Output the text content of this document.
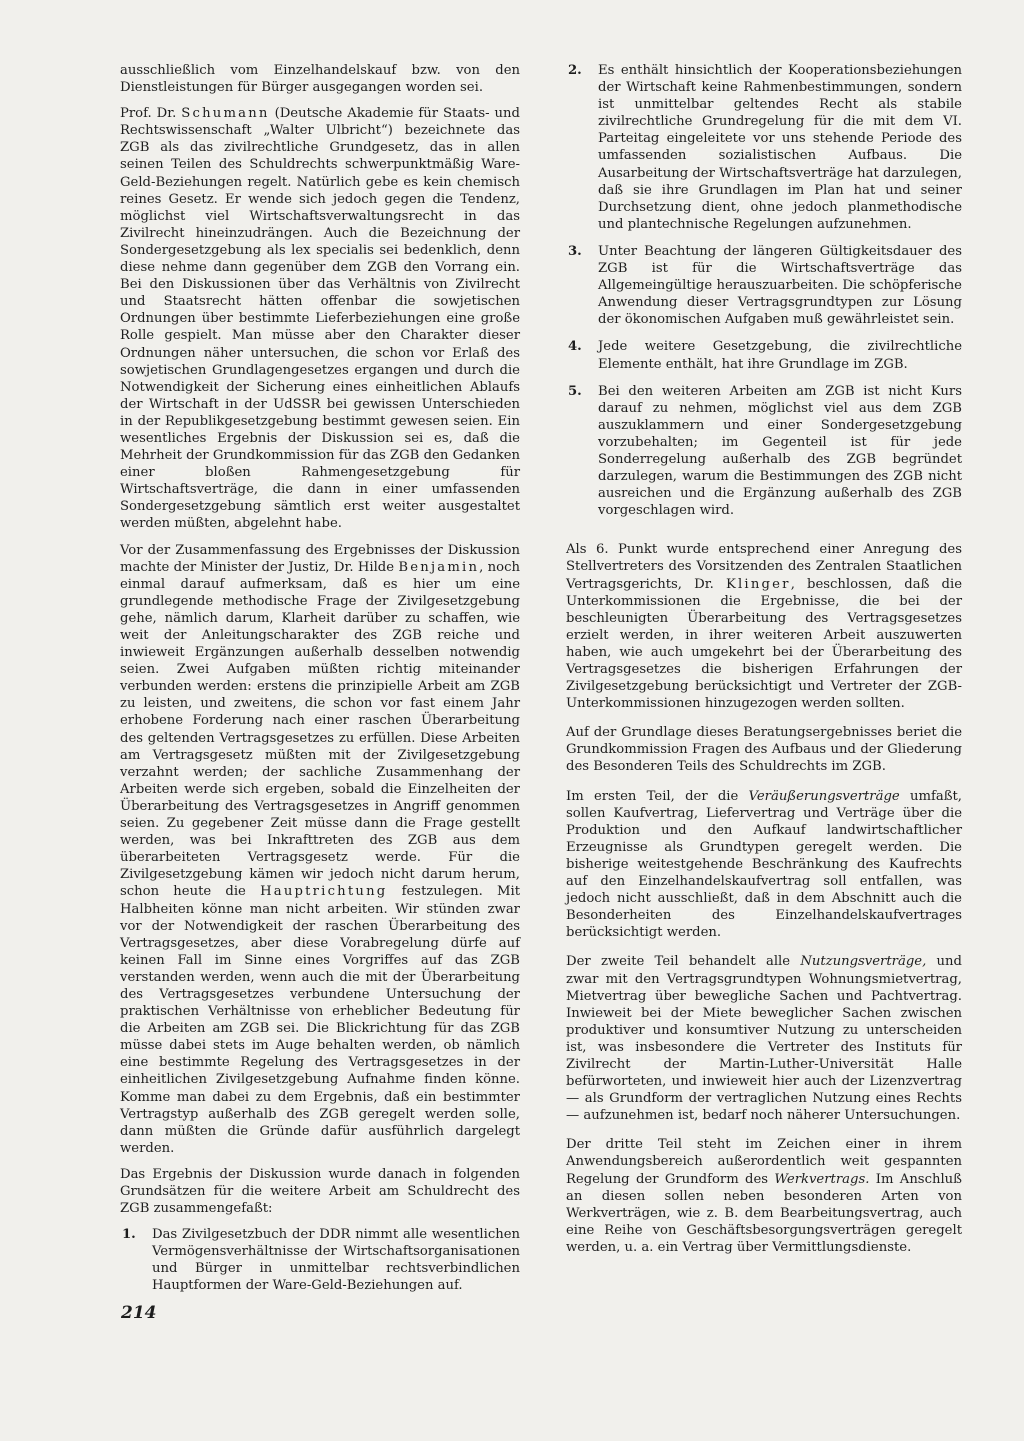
ausschließlich vom Einzelhandelskauf bzw. von den Dienstleistungen für Bürger ausgegangen worden sei.

Prof. Dr. Schumann (Deutsche Akademie für Staats- und Rechtswissenschaft „Walter Ulbricht“) bezeichnete das ZGB als das zivilrechtliche Grundgesetz, das in allen seinen Teilen des Schuldrechts schwerpunktmäßig Ware-Geld-Beziehungen regelt. Natürlich gebe es kein chemisch reines Gesetz. Er wende sich jedoch gegen die Tendenz, möglichst viel Wirtschaftsverwaltungsrecht in das Zivilrecht hineinzudrängen. Auch die Bezeichnung der Sondergesetzgebung als lex specialis sei bedenklich, denn diese nehme dann gegenüber dem ZGB den Vorrang ein. Bei den Diskussionen über das Verhältnis von Zivilrecht und Staatsrecht hätten offenbar die sowjetischen Ordnungen über bestimmte Lieferbeziehungen eine große Rolle gespielt. Man müsse aber den Charakter dieser Ordnungen näher untersuchen, die schon vor Erlaß des sowjetischen Grundlagengesetzes ergangen und durch die Notwendigkeit der Sicherung eines einheitlichen Ablaufs der Wirtschaft in der UdSSR bei gewissen Unterschieden in der Republikgesetzgebung bestimmt gewesen seien. Ein wesentliches Ergebnis der Diskussion sei es, daß die Mehrheit der Grundkommission für das ZGB den Gedanken einer bloßen Rahmengesetzgebung für Wirtschaftsverträge, die dann in einer umfassenden Sondergesetzgebung sämtlich erst weiter ausgestaltet werden müßten, abgelehnt habe.

Vor der Zusammenfassung des Ergebnisses der Diskussion machte der Minister der Justiz, Dr. Hilde Benjamin, noch einmal darauf aufmerksam, daß es hier um eine grundlegende methodische Frage der Zivilgesetzgebung gehe, nämlich darum, Klarheit darüber zu schaffen, wie weit der Anleitungscharakter des ZGB reiche und inwieweit Ergänzungen außerhalb desselben notwendig seien. Zwei Aufgaben müßten richtig miteinander verbunden werden: erstens die prinzipielle Arbeit am ZGB zu leisten, und zweitens, die schon vor fast einem Jahr erhobene Forderung nach einer raschen Überarbeitung des geltenden Vertragsgesetzes zu erfüllen. Diese Arbeiten am Vertragsgesetz müßten mit der Zivilgesetzgebung verzahnt werden; der sachliche Zusammenhang der Arbeiten werde sich ergeben, sobald die Einzelheiten der Überarbeitung des Vertragsgesetzes in Angriff genommen seien. Zu gegebener Zeit müsse dann die Frage gestellt werden, was bei Inkrafttreten des ZGB aus dem überarbeiteten Vertragsgesetz werde. Für die Zivilgesetzgebung kämen wir jedoch nicht darum herum, schon heute die Hauptrichtung festzulegen. Mit Halbheiten könne man nicht arbeiten. Wir stünden zwar vor der Notwendigkeit der raschen Überarbeitung des Vertragsgesetzes, aber diese Vorabregelung dürfe auf keinen Fall im Sinne eines Vorgriffes auf das ZGB verstanden werden, wenn auch die mit der Überarbeitung des Vertragsgesetzes verbundene Untersuchung der praktischen Verhältnisse von erheblicher Bedeutung für die Arbeiten am ZGB sei. Die Blickrichtung für das ZGB müsse dabei stets im Auge behalten werden, ob nämlich eine bestimmte Regelung des Vertragsgesetzes in der einheitlichen Zivilgesetzgebung Aufnahme finden könne. Komme man dabei zu dem Ergebnis, daß ein bestimmter Vertragstyp außerhalb des ZGB geregelt werden solle, dann müßten die Gründe dafür ausführlich dargelegt werden.

Das Ergebnis der Diskussion wurde danach in folgenden Grundsätzen für die weitere Arbeit am Schuldrecht des ZGB zusammengefaßt:

1.	Das Zivilgesetzbuch der DDR nimmt alle wesentlichen Vermögensverhältnisse der Wirtschaftsorganisationen und Bürger in unmittelbar rechtsverbindlichen Hauptformen der Ware-Geld-Beziehungen auf.

2.	Es enthält hinsichtlich der Kooperationsbeziehungen der Wirtschaft keine Rahmenbestimmungen, sondern ist unmittelbar geltendes Recht als stabile zivilrechtliche Grundregelung für die mit dem VI. Parteitag eingeleitete vor uns stehende Periode des umfassenden sozialistischen Aufbaus. Die Ausarbeitung der Wirtschaftsverträge hat darzulegen, daß sie ihre Grundlagen im Plan hat und seiner Durchsetzung dient, ohne jedoch planmethodische und plantechnische Regelungen aufzunehmen.

3.	Unter Beachtung der längeren Gültigkeitsdauer des ZGB ist für die Wirtschaftsverträge das Allgemeingültige herauszuarbeiten. Die schöpferische Anwendung dieser Vertragsgrundtypen zur Lösung der ökonomischen Aufgaben muß gewährleistet sein.

4.	Jede weitere Gesetzgebung, die zivilrechtliche Elemente enthält, hat ihre Grundlage im ZGB.

5.	Bei den weiteren Arbeiten am ZGB ist nicht Kurs darauf zu nehmen, möglichst viel aus dem ZGB auszuklammern und einer Sondergesetzgebung vorzubehalten; im Gegenteil ist für jede Sonderregelung außerhalb des ZGB begründet darzulegen, warum die Bestimmungen des ZGB nicht ausreichen und die Ergänzung außerhalb des ZGB vorgeschlagen wird.

Als 6. Punkt wurde entsprechend einer Anregung des Stellvertreters des Vorsitzenden des Zentralen Staatlichen Vertragsgerichts, Dr. Klinger, beschlossen, daß die Unterkommissionen die Ergebnisse, die bei der beschleunigten Überarbeitung des Vertragsgesetzes erzielt werden, in ihrer weiteren Arbeit auszuwerten haben, wie auch umgekehrt bei der Überarbeitung des Vertragsgesetzes die bisherigen Erfahrungen der Zivilgesetzgebung berücksichtigt und Vertreter der ZGB-Unterkommissionen hinzugezogen werden sollten.

Auf der Grundlage dieses Beratungsergebnisses beriet die Grundkommission Fragen des Aufbaus und der Gliederung des Besonderen Teils des Schuldrechts im ZGB.

Im ersten Teil, der die Veräußerungsverträge umfaßt, sollen Kaufvertrag, Liefervertrag und Verträge über die Produktion und den Aufkauf landwirtschaftlicher Erzeugnisse als Grundtypen geregelt werden. Die bisherige weitestgehende Beschränkung des Kaufrechts auf den Einzelhandelskaufvertrag soll entfallen, was jedoch nicht ausschließt, daß in dem Abschnitt auch die Besonderheiten des Einzelhandelskaufvertrages berücksichtigt werden.

Der zweite Teil behandelt alle Nutzungsverträge, und zwar mit den Vertragsgrundtypen Wohnungsmietvertrag, Mietvertrag über bewegliche Sachen und Pachtvertrag. Inwieweit bei der Miete beweglicher Sachen zwischen produktiver und konsumtiver Nutzung zu unterscheiden ist, was insbesondere die Vertreter des Instituts für Zivilrecht der Martin-Luther-Universität Halle befürworteten, und inwieweit hier auch der Lizenzvertrag — als Grundform der vertraglichen Nutzung eines Rechts — aufzunehmen ist, bedarf noch näherer Untersuchungen.

Der dritte Teil steht im Zeichen einer in ihrem Anwendungsbereich außerordentlich weit gespannten Regelung der Grundform des Werkvertrags. Im Anschluß an diesen sollen neben besonderen Arten von Werkverträgen, wie z. B. dem Bearbeitungsvertrag, auch eine Reihe von Geschäftsbesorgungsverträgen geregelt werden, u. a. ein Vertrag über Vermittlungsdienste.

214
